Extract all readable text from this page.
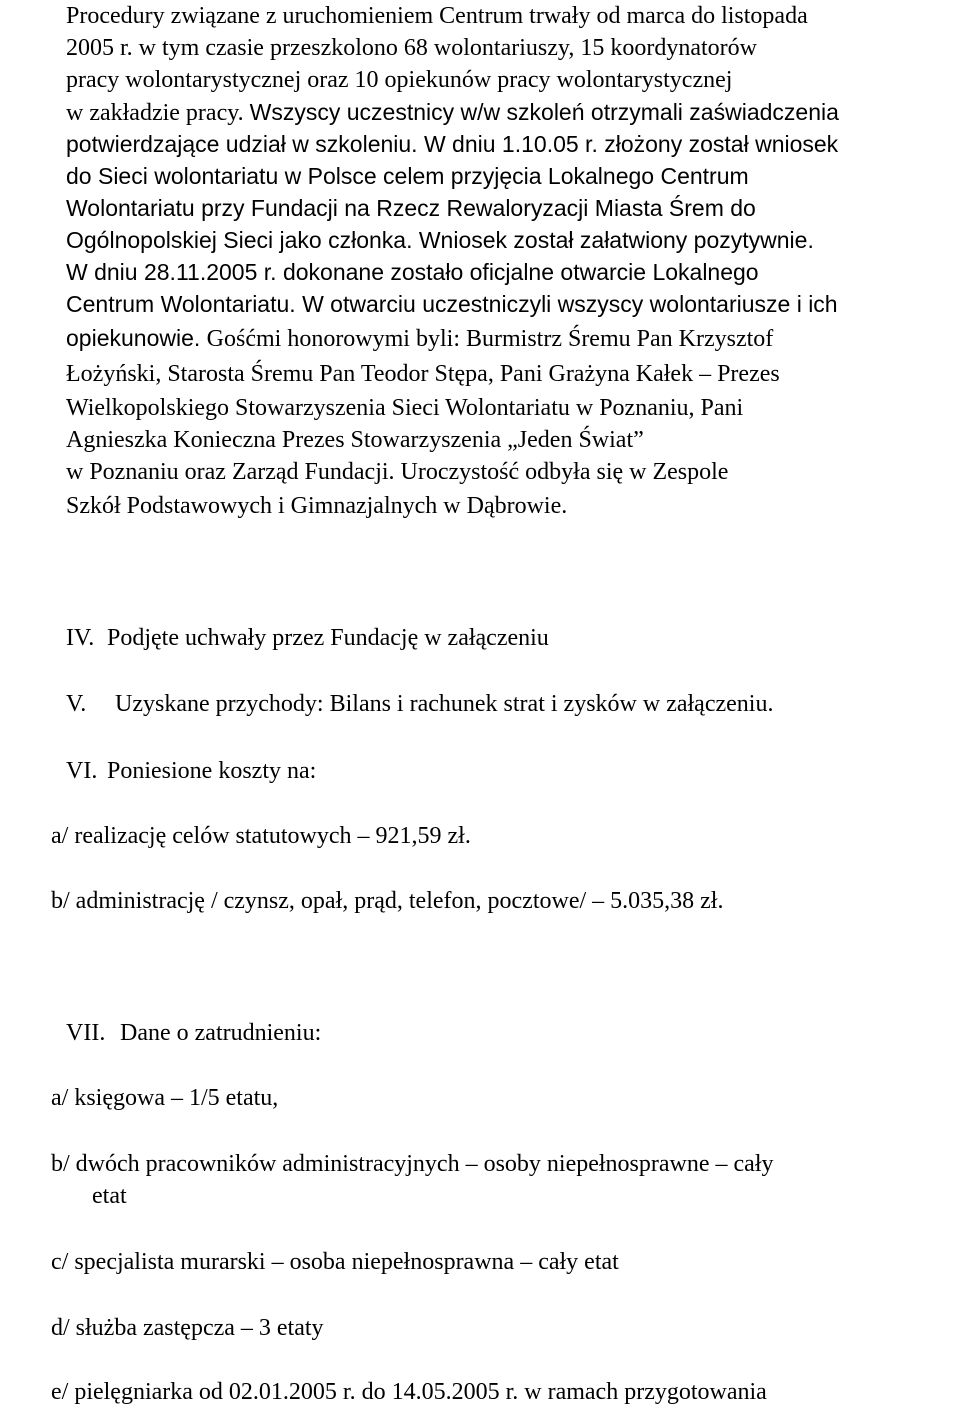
Procedury związane z uruchomieniem Centrum trwały od marca do listopada
2005 r. w tym czasie przeszkolono 68 wolontariuszy, 15 koordynatorów
pracy wolontarystycznej oraz 10 opiekunów pracy wolontarystycznej
w zakładzie pracy. Wszyscy uczestnicy w/w szkoleń otrzymali zaświadczenia
potwierdzające udział w szkoleniu. W dniu 1.10.05 r. złożony został wniosek
do Sieci wolontariatu w Polsce celem przyjęcia Lokalnego Centrum
Wolontariatu przy Fundacji na Rzecz Rewaloryzacji Miasta Śrem do
Ogólnopolskiej Sieci jako członka. Wniosek został załatwiony pozytywnie.
W dniu 28.11.2005 r. dokonane zostało oficjalne otwarcie Lokalnego
Centrum Wolontariatu. W otwarciu uczestniczyli wszyscy wolontariusze i ich
opiekunowie. Gośćmi honorowymi byli: Burmistrz Śremu Pan Krzysztof
Łożyński, Starosta Śremu Pan Teodor Stępa, Pani Grażyna Kałek – Prezes
Wielkopolskiego Stowarzyszenia Sieci Wolontariatu w Poznaniu, Pani
Agnieszka Konieczna Prezes Stowarzyszenia „Jeden Świat”
w Poznaniu oraz Zarząd Fundacji. Uroczystość odbyła się w Zespole
Szkół Podstawowych i Gimnazjalnych w Dąbrowie.
IV. Podjęte uchwały przez Fundację w załączeniu
V. Uzyskane przychody: Bilans i rachunek strat i zysków w załączeniu.
VI. Poniesione koszty na:
a/ realizację celów statutowych – 921,59 zł.
b/ administrację / czynsz, opał, prąd, telefon, pocztowe/ – 5.035,38 zł.
VII. Dane o zatrudnieniu:
a/ księgowa – 1/5 etatu,
b/ dwóch pracowników administracyjnych – osoby niepełnosprawne – cały
etat
c/ specjalista murarski – osoba niepełnosprawna – cały etat
d/ służba zastępcza – 3 etaty
e/ pielęgniarka od 02.01.2005 r. do 14.05.2005 r. w ramach przygotowania
